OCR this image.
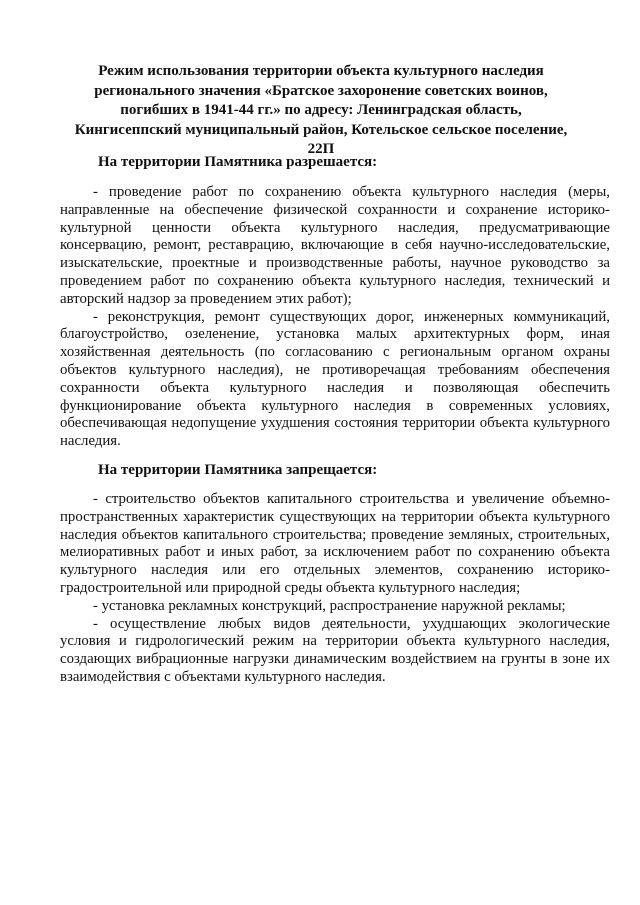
Режим использования территории объекта культурного наследия регионального значения «Братское захоронение советских воинов, погибших в 1941-44 гг.» по адресу: Ленинградская область, Кингисеппский муниципальный район, Котельское сельское поселение, 22П
На территории Памятника разрешается:

- проведение работ по сохранению объекта культурного наследия (меры, направленные на обеспечение физической сохранности и сохранение историко-культурной ценности объекта культурного наследия, предусматривающие консервацию, ремонт, реставрацию, включающие в себя научно-исследовательские, изыскательские, проектные и производственные работы, научное руководство за проведением работ по сохранению объекта культурного наследия, технический и авторский надзор за проведением этих работ);

- реконструкция, ремонт существующих дорог, инженерных коммуникаций, благоустройство, озеленение, установка малых архитектурных форм, иная хозяйственная деятельность (по согласованию с региональным органом охраны объектов культурного наследия), не противоречащая требованиям обеспечения сохранности объекта культурного наследия и позволяющая обеспечить функционирование объекта культурного наследия в современных условиях, обеспечивающая недопущение ухудшения состояния территории объекта культурного наследия.

На территории Памятника запрещается:

- строительство объектов капитального строительства и увеличение объемно-пространственных характеристик существующих на территории объекта культурного наследия объектов капитального строительства; проведение земляных, строительных, мелиоративных работ и иных работ, за исключением работ по сохранению объекта культурного наследия или его отдельных элементов, сохранению историко-градостроительной или природной среды объекта культурного наследия;

- установка рекламных конструкций, распространение наружной рекламы;

- осуществление любых видов деятельности, ухудшающих экологические условия и гидрологический режим на территории объекта культурного наследия, создающих вибрационные нагрузки динамическим воздействием на грунты в зоне их взаимодействия с объектами культурного наследия.
